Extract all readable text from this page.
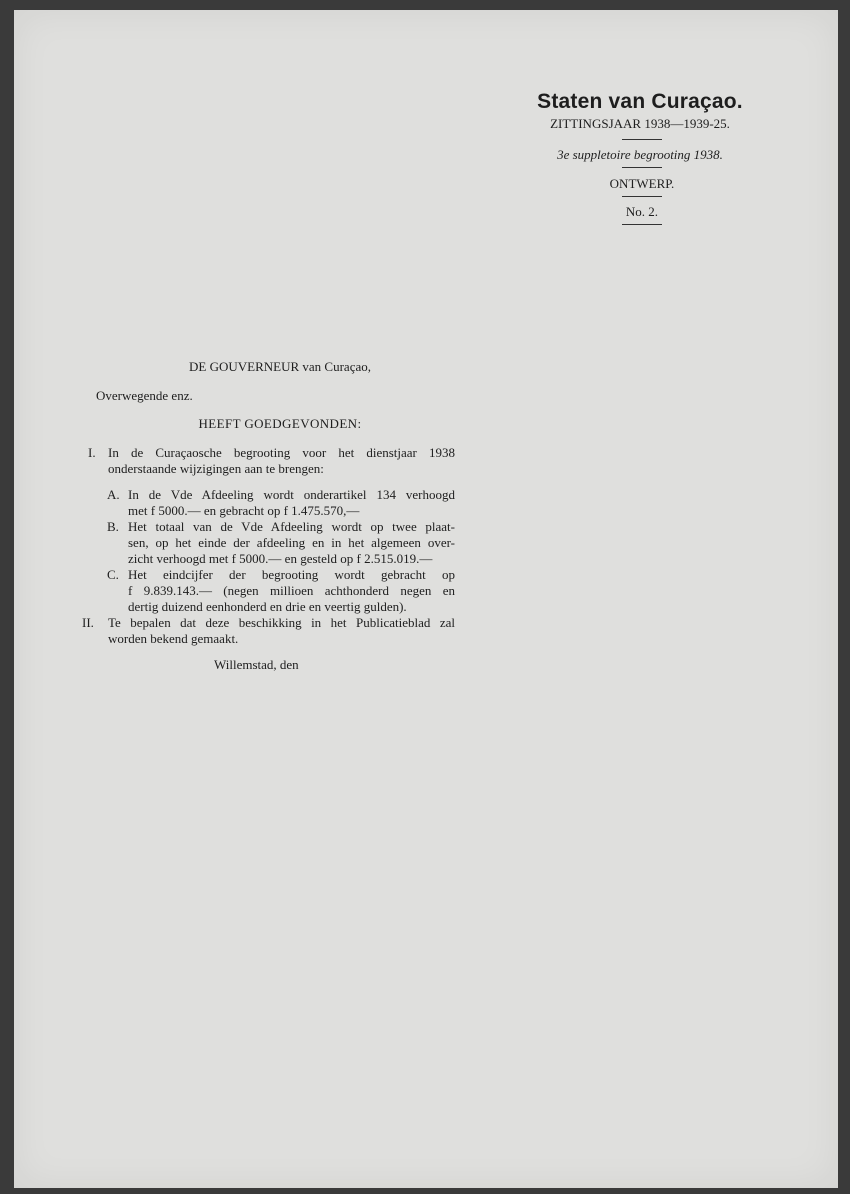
Staten van Curaçao.
ZITTINGSJAAR 1938—1939-25.
3e suppletoire begrooting 1938.
ONTWERP.
No. 2.
DE GOUVERNEUR van Curaçao,
Overwegende enz.
HEEFT GOEDGEVONDEN:
I. In de Curaçaosche begrooting voor het dienstjaar 1938
onderstaande wijzigingen aan te brengen:
A. In de Vde Afdeeling wordt onderartikel 134 verhoogd
met f 5000.— en gebracht op f 1.475.570,—
B. Het totaal van de Vde Afdeeling wordt op twee plaat-
sen, op het einde der afdeeling en in het algemeen over-
zicht verhoogd met f 5000.— en gesteld op f 2.515.019.—
C. Het eindcijfer der begrooting wordt gebracht op
f 9.839.143.— (negen millioen achthonderd negen en
dertig duizend eenhonderd en drie en veertig gulden).
II. Te bepalen dat deze beschikking in het Publicatieblad zal
worden bekend gemaakt.
Willemstad, den
